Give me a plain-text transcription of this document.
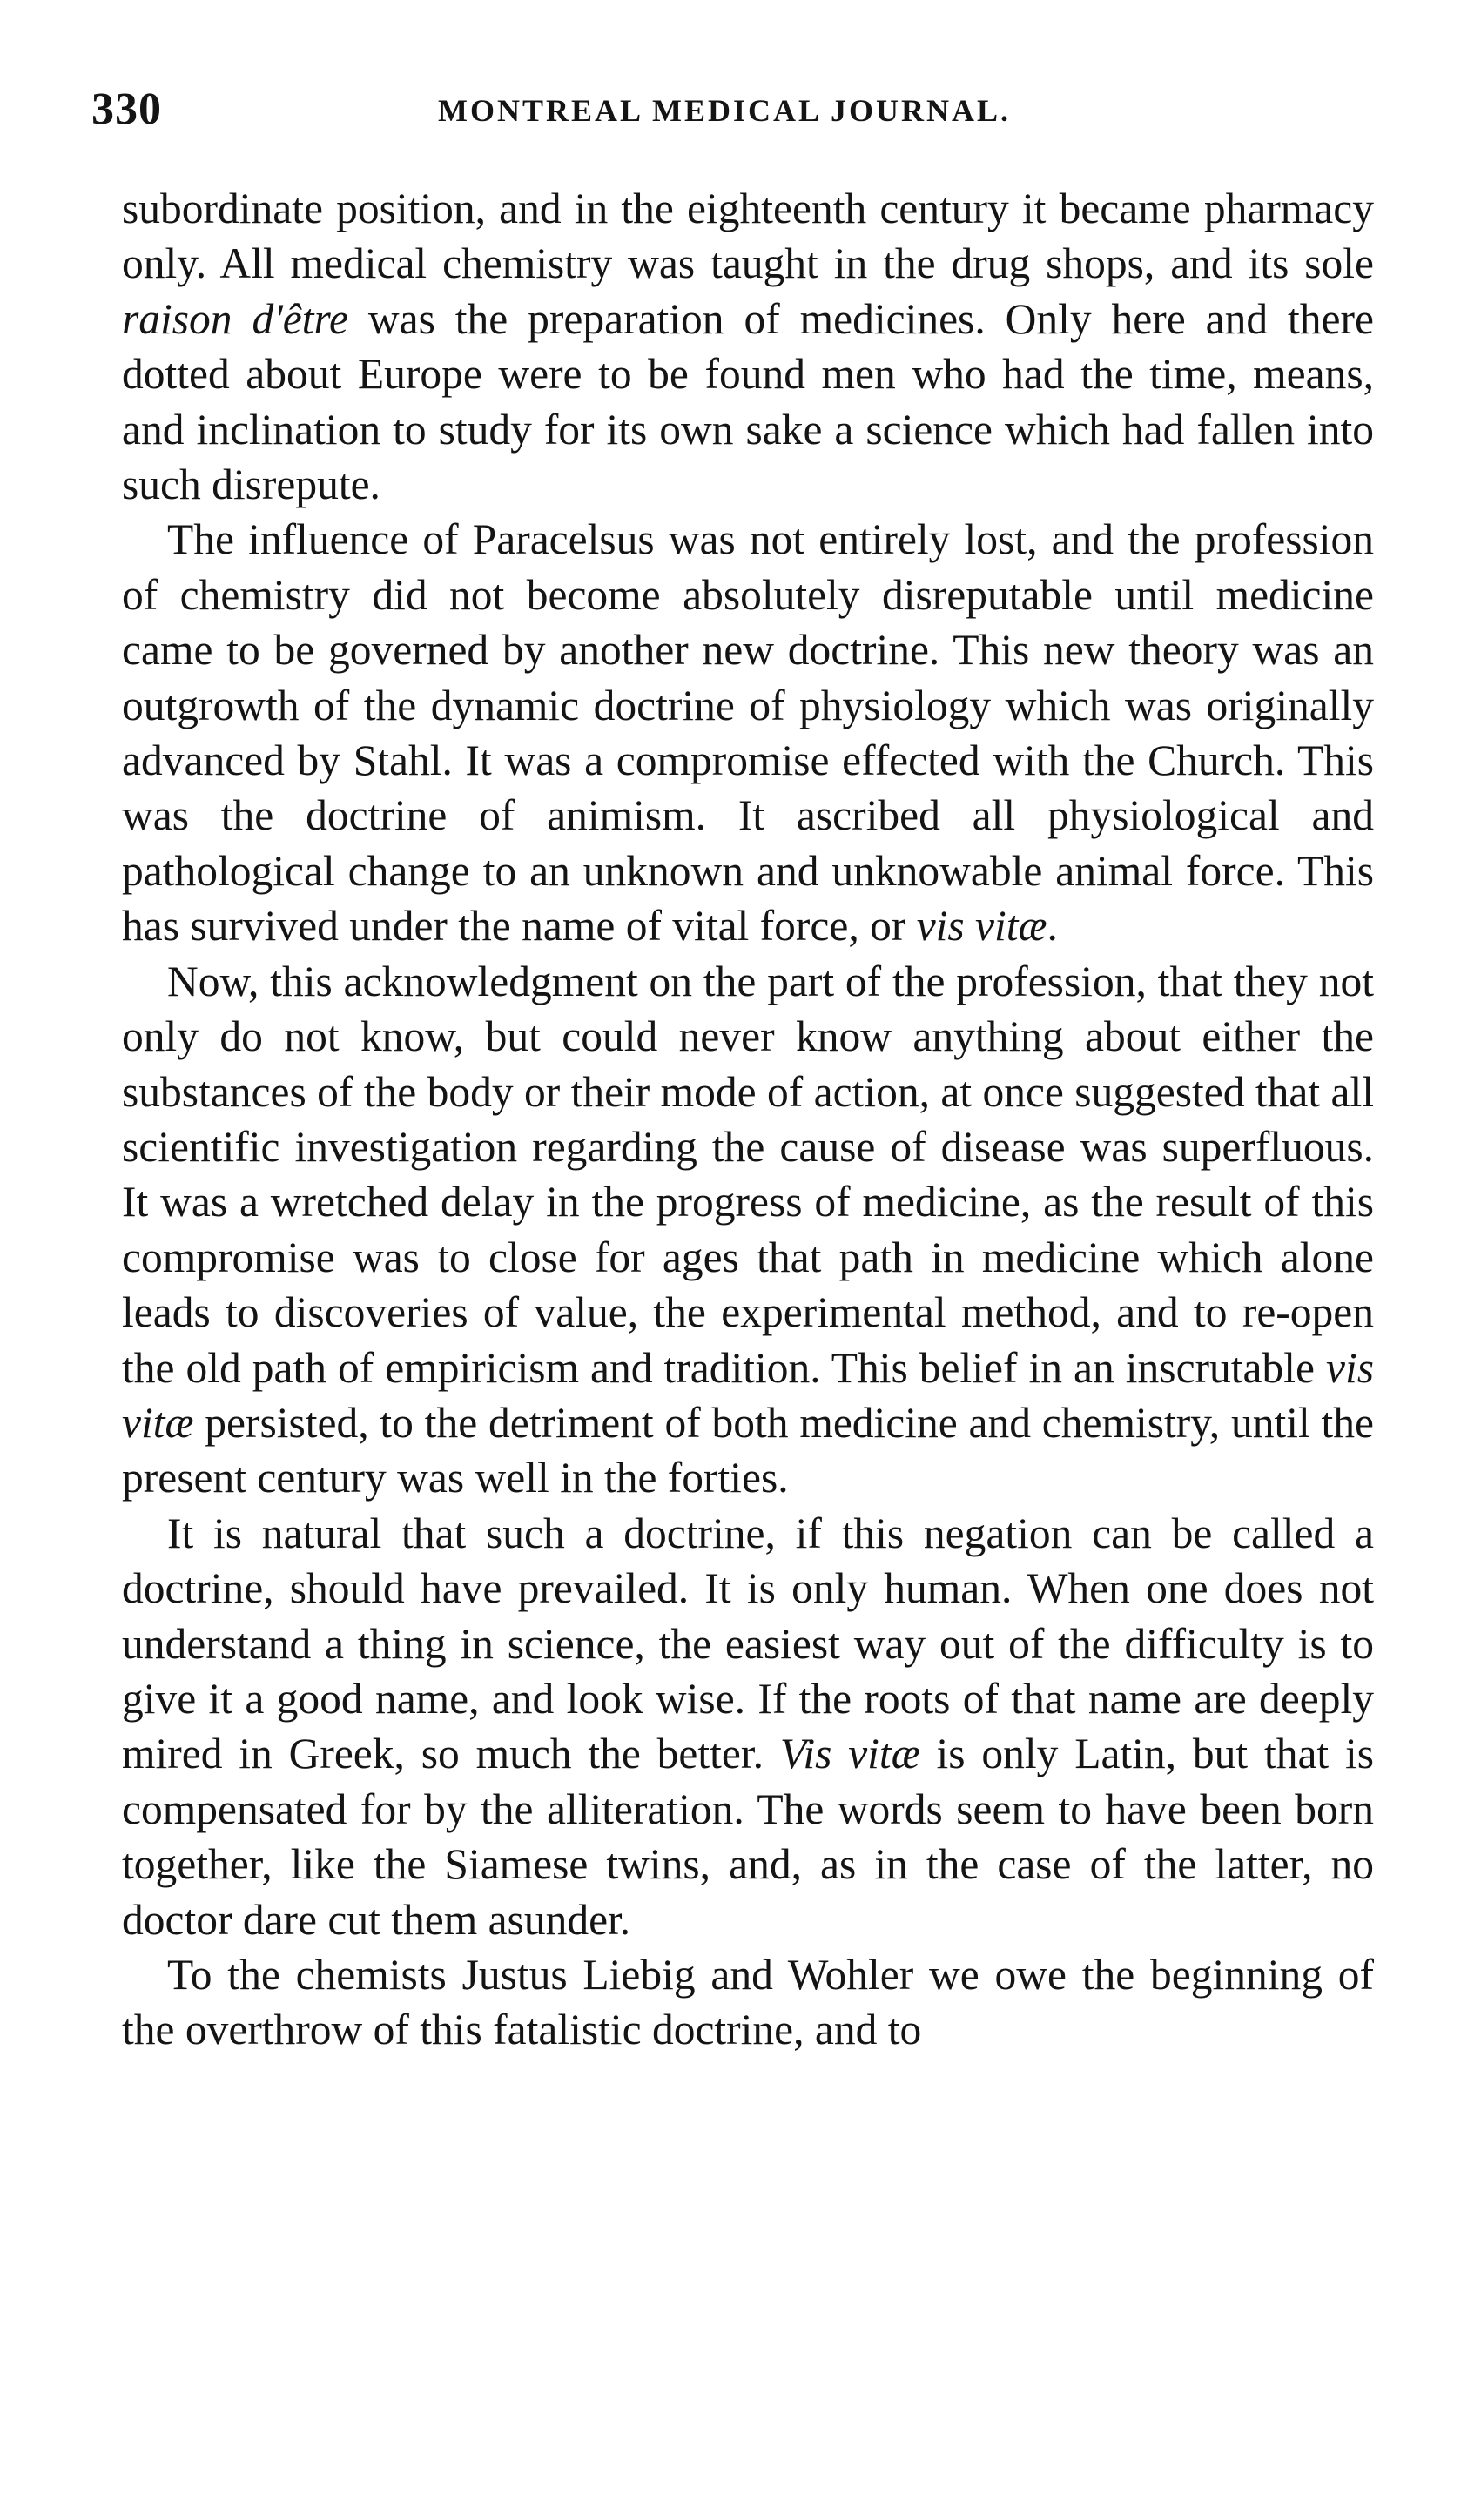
330	MONTREAL MEDICAL JOURNAL.

subordinate position, and in the eighteenth century it became pharmacy only. All medical chemistry was taught in the drug shops, and its sole raison d'être was the preparation of medicines. Only here and there dotted about Europe were to be found men who had the time, means, and inclination to study for its own sake a science which had fallen into such disrepute.

The influence of Paracelsus was not entirely lost, and the profession of chemistry did not become absolutely disreputable until medicine came to be governed by another new doctrine. This new theory was an outgrowth of the dynamic doctrine of physiology which was originally advanced by Stahl. It was a compromise effected with the Church. This was the doctrine of animism. It ascribed all physiological and pathological change to an unknown and unknowable animal force. This has survived under the name of vital force, or vis vitæ.

Now, this acknowledgment on the part of the profession, that they not only do not know, but could never know anything about either the substances of the body or their mode of action, at once suggested that all scientific investigation regarding the cause of disease was superfluous. It was a wretched delay in the progress of medicine, as the result of this compromise was to close for ages that path in medicine which alone leads to discoveries of value, the experimental method, and to re-open the old path of empiricism and tradition. This belief in an inscrutable vis vitæ persisted, to the detriment of both medicine and chemistry, until the present century was well in the forties.

It is natural that such a doctrine, if this negation can be called a doctrine, should have prevailed. It is only human. When one does not understand a thing in science, the easiest way out of the difficulty is to give it a good name, and look wise. If the roots of that name are deeply mired in Greek, so much the better. Vis vitæ is only Latin, but that is compensated for by the alliteration. The words seem to have been born together, like the Siamese twins, and, as in the case of the latter, no doctor dare cut them asunder.

To the chemists Justus Liebig and Wohler we owe the beginning of the overthrow of this fatalistic doctrine, and to
